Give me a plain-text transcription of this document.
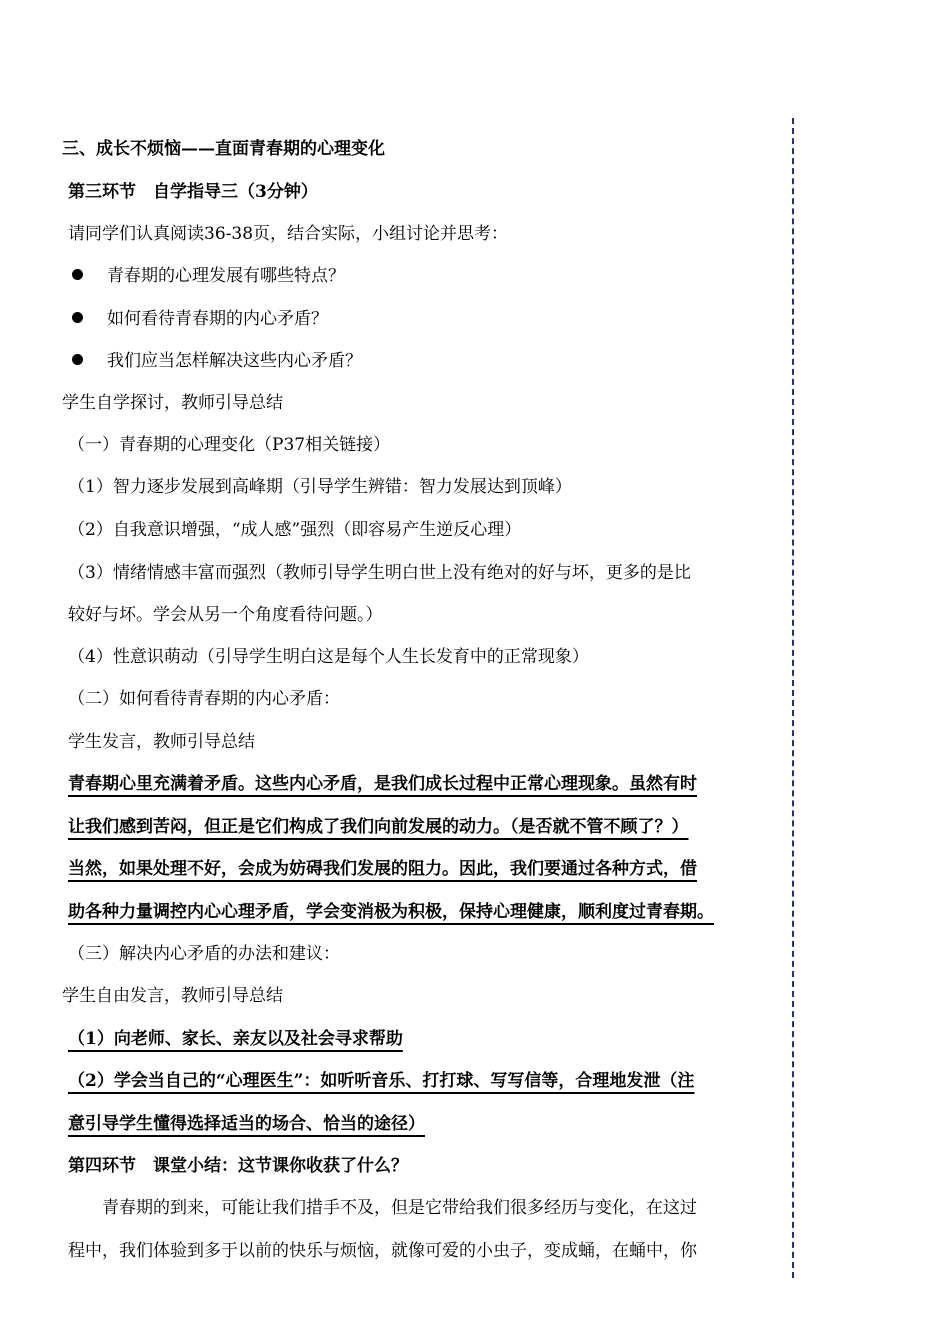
三、成长不烦恼——直面青春期的心理变化
第三环节　自学指导三（3分钟）
请同学们认真阅读36-38页，结合实际，小组讨论并思考：
青春期的心理发展有哪些特点？
如何看待青春期的内心矛盾？
我们应当怎样解决这些内心矛盾？
学生自学探讨，教师引导总结
（一）青春期的心理变化（P37相关链接）
（1）智力逐步发展到高峰期（引导学生辨错：智力发展达到顶峰）
（2）自我意识增强，“成人感”强烈（即容易产生逆反心理）
（3）情绪情感丰富而强烈（教师引导学生明白世上没有绝对的好与坏，更多的是比
较好与坏。学会从另一个角度看待问题。）
（4）性意识萌动（引导学生明白这是每个人生长发育中的正常现象）
（二）如何看待青春期的内心矛盾：
学生发言，教师引导总结
青春期心里充满着矛盾。这些内心矛盾，是我们成长过程中正常心理现象。虽然有时
让我们感到苦闷，但正是它们构成了我们向前发展的动力。（是否就不管不顾了？）
当然，如果处理不好，会成为妨碍我们发展的阻力。因此，我们要通过各种方式，借
助各种力量调控内心心理矛盾，学会变消极为积极，保持心理健康，顺利度过青春期。
（三）解决内心矛盾的办法和建议：
学生自由发言，教师引导总结
（1）向老师、家长、亲友以及社会寻求帮助
（2）学会当自己的“心理医生”：如听听音乐、打打球、写写信等，合理地发泄（注
意引导学生懂得选择适当的场合、恰当的途径）
第四环节　课堂小结：这节课你收获了什么？
　　青春期的到来，可能让我们措手不及，但是它带给我们很多经历与变化，在这过
程中，我们体验到多于以前的快乐与烦恼，就像可爱的小虫子，变成蛹，在蛹中，你
